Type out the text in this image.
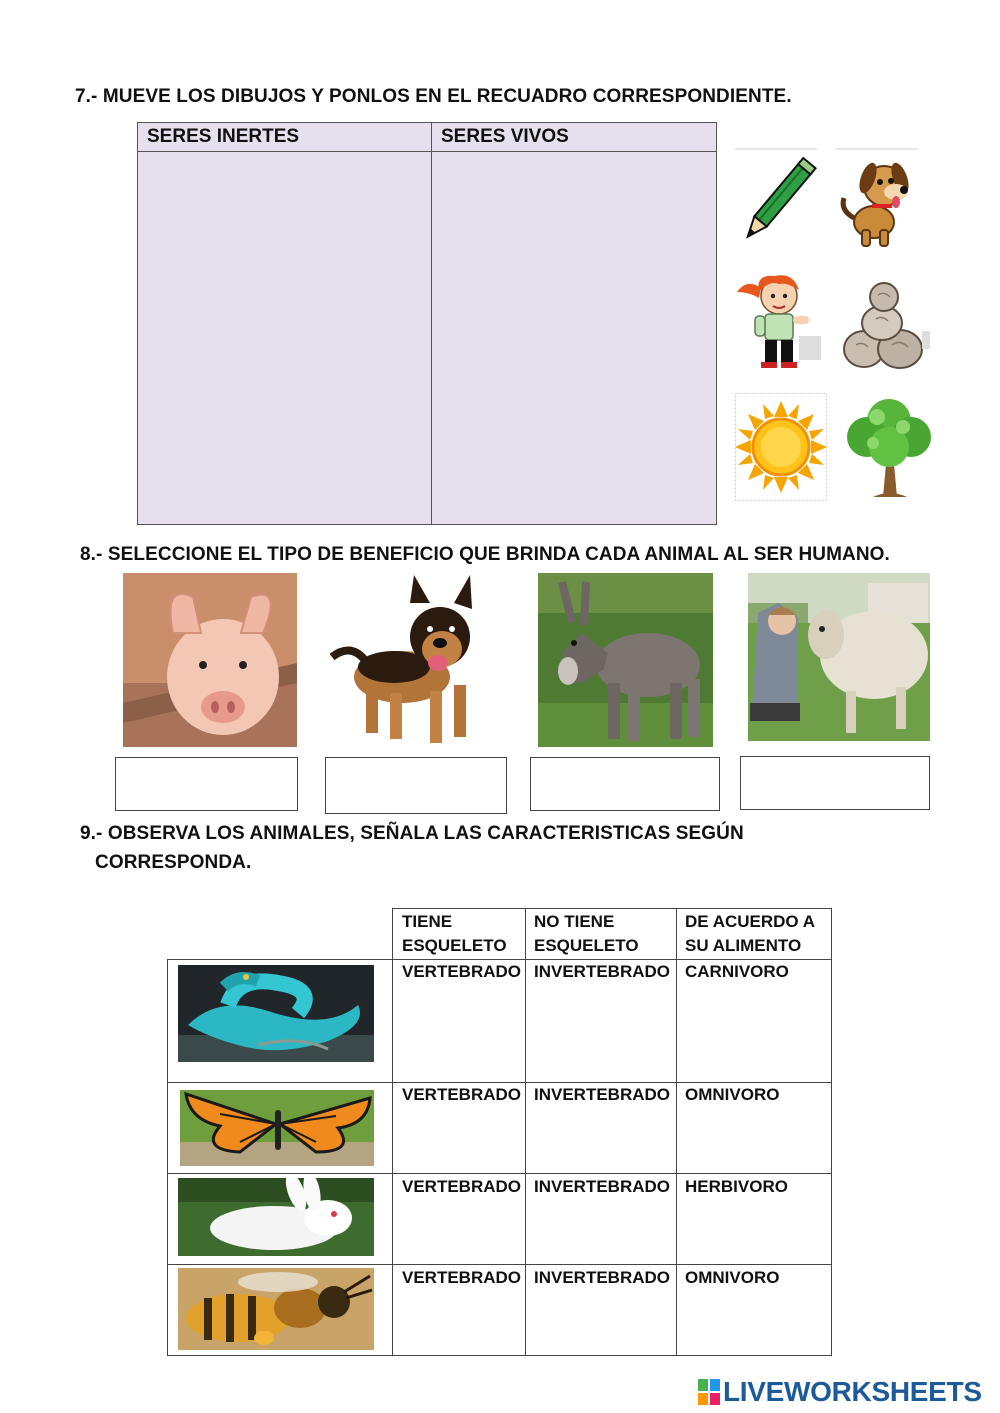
7.- MUEVE LOS DIBUJOS Y PONLOS EN EL RECUADRO CORRESPONDIENTE.
SERES INERTES	SERES VIVOS
8.- SELECCIONE EL TIPO DE BENEFICIO QUE BRINDA CADA ANIMAL AL SER HUMANO.
9.- OBSERVA LOS ANIMALES, SEÑALA LAS CARACTERISTICAS SEGÚN
CORRESPONDA.
TIENE ESQUELETO
NO TIENE ESQUELETO
DE ACUERDO A SU ALIMENTO
VERTEBRADO INVERTEBRADO CARNIVORO
VERTEBRADO INVERTEBRADO OMNIVORO
VERTEBRADO INVERTEBRADO HERBIVORO
VERTEBRADO INVERTEBRADO OMNIVORO
LIVEWORKSHEETS
